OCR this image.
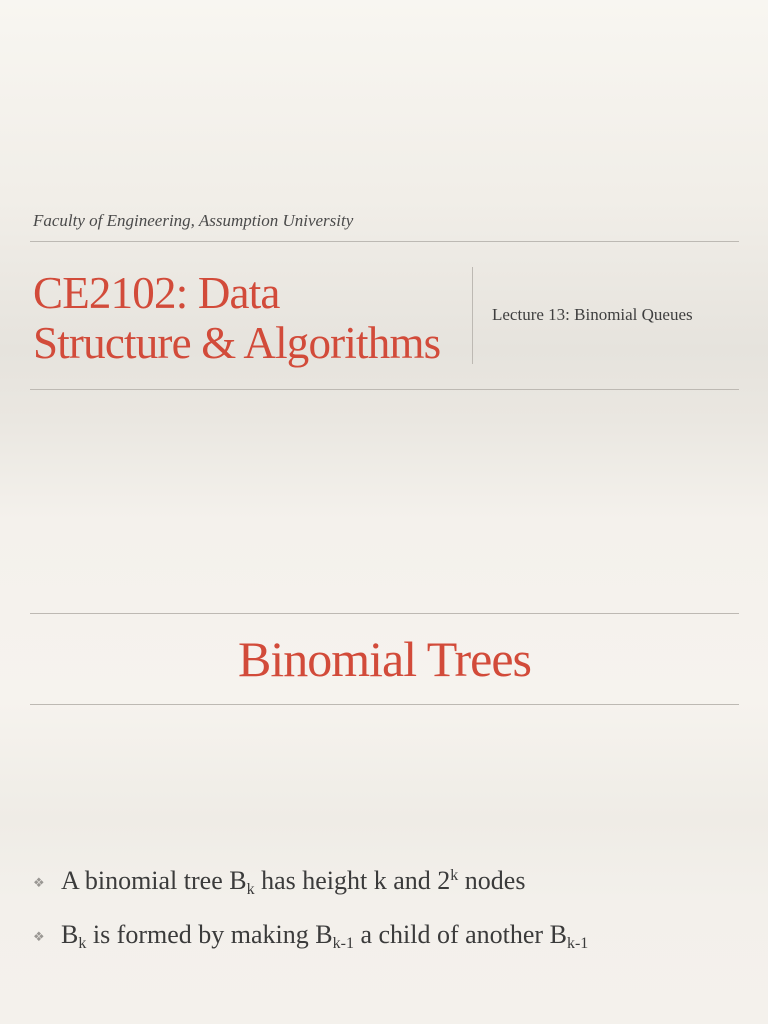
Faculty of Engineering, Assumption University
CE2102: Data
Structure & Algorithms
Lecture 13: Binomial Queues
Binomial Trees
❖ A binomial tree $B_k$ has height k and 2$^k$ nodes
❖ $B_k$ is formed by making $B_{k-1}$ a child of another $B_{k-1}$
